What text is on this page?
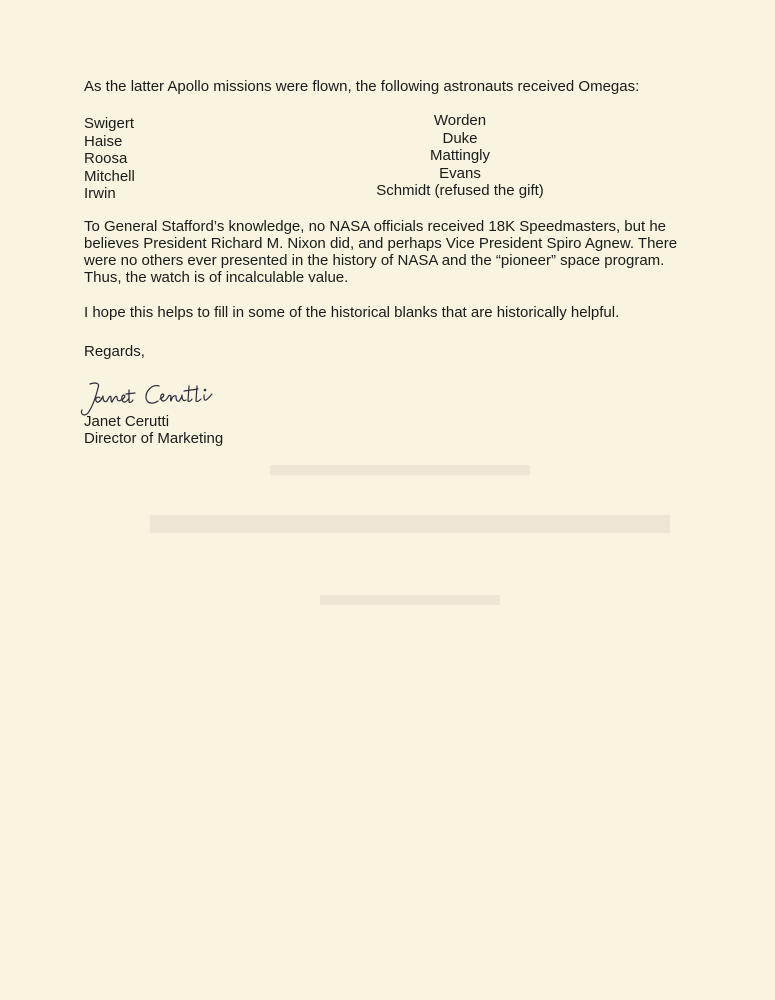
As the latter Apollo missions were flown, the following astronauts received Omegas:
Swigert
Haise
Roosa
Mitchell
Irwin
Worden
Duke
Mattingly
Evans
Schmidt (refused the gift)
To General Stafford’s knowledge, no NASA officials received 18K Speedmasters, but he believes President Richard M. Nixon did, and perhaps Vice President Spiro Agnew. There were no others ever presented in the history of NASA and the “pioneer” space program. Thus, the watch is of incalculable value.
I hope this helps to fill in some of the historical blanks that are historically helpful.
Regards,
Janet Cerutti
Director of Marketing
